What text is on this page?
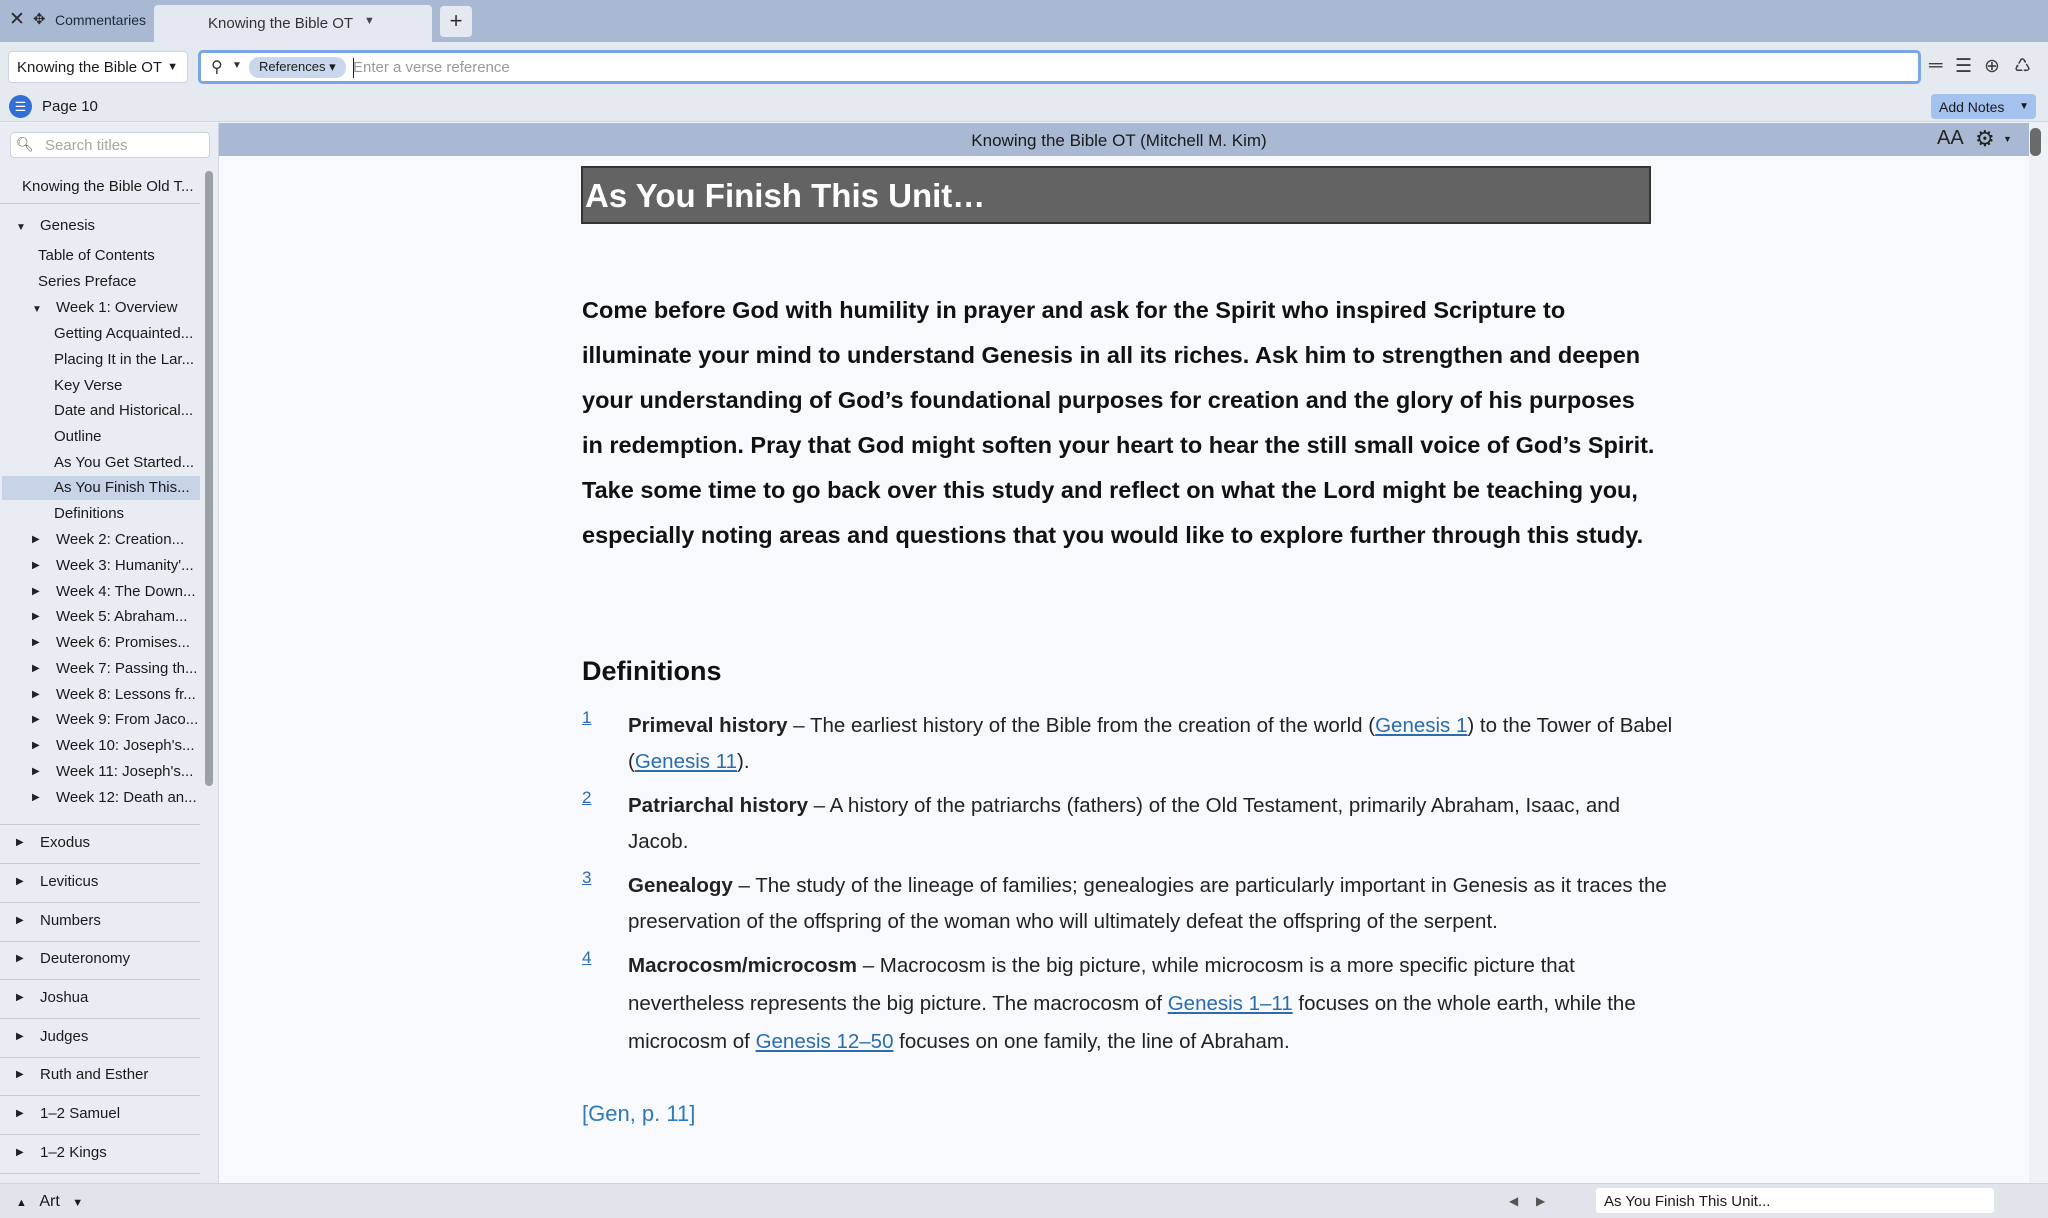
✕ ✥ Commentaries	Knowing the Bible OT ▼	+
Knowing the Bible OT ▼ ⚲ ▼	References ▾
Enter a verse reference	═ ☰ ⊕ ♺
☰	Page 10	Add Notes ▼
🔍︎
Search titles
Knowing the Bible Old T...
▼ Genesis
Table of Contents
Series Preface
▼ Week 1: Overview
Getting Acquainted...
Placing It in the Lar...
Key Verse
Date and Historical...
Outline
As You Get Started...
As You Finish This...
Definitions
▶ Week 2: Creation...
▶ Week 3: Humanity'...
▶ Week 4: The Down...
▶ Week 5: Abraham...
▶ Week 6: Promises...
▶ Week 7: Passing th...
▶ Week 8: Lessons fr...
▶ Week 9: From Jaco...
▶ Week 10: Joseph's...
▶ Week 11: Joseph's...
▶ Week 12: Death an...
▶ Exodus
▶ Leviticus
▶ Numbers
▶ Deuteronomy
▶ Joshua
▶ Judges
▶ Ruth and Esther
▶ 1–2 Samuel
▶ 1–2 Kings
Knowing the Bible OT (Mitchell M. Kim)	AA ⚙ ▼
As You Finish This Unit…
Come before God with humility in prayer and ask for the Spirit who inspired Scripture to illuminate your mind to understand Genesis in all its riches. Ask him to strengthen and deepen your understanding of God’s foundational purposes for creation and the glory of his purposes in redemption. Pray that God might soften your heart to hear the still small voice of God’s Spirit. Take some time to go back over this study and reflect on what the Lord might be teaching you, especially noting areas and questions that you would like to explore further through this study.
Definitions
1 Primeval history – The earliest history of the Bible from the creation of the world (Genesis 1) to the Tower of Babel (Genesis 11).
2 Patriarchal history – A history of the patriarchs (fathers) of the Old Testament, primarily Abraham, Isaac, and Jacob.
3 Genealogy – The study of the lineage of families; genealogies are particularly important in Genesis as it traces the preservation of the offspring of the woman who will ultimately defeat the offspring of the serpent.
4 Macrocosm/microcosm – Macrocosm is the big picture, while microcosm is a more specific picture that nevertheless represents the big picture. The macrocosm of Genesis 1–11 focuses on the whole earth, while the microcosm of Genesis 12–50 focuses on one family, the line of Abraham.
[Gen, p. 11]
▲ Art ▼	◀ ▶	As You Finish This Unit...
